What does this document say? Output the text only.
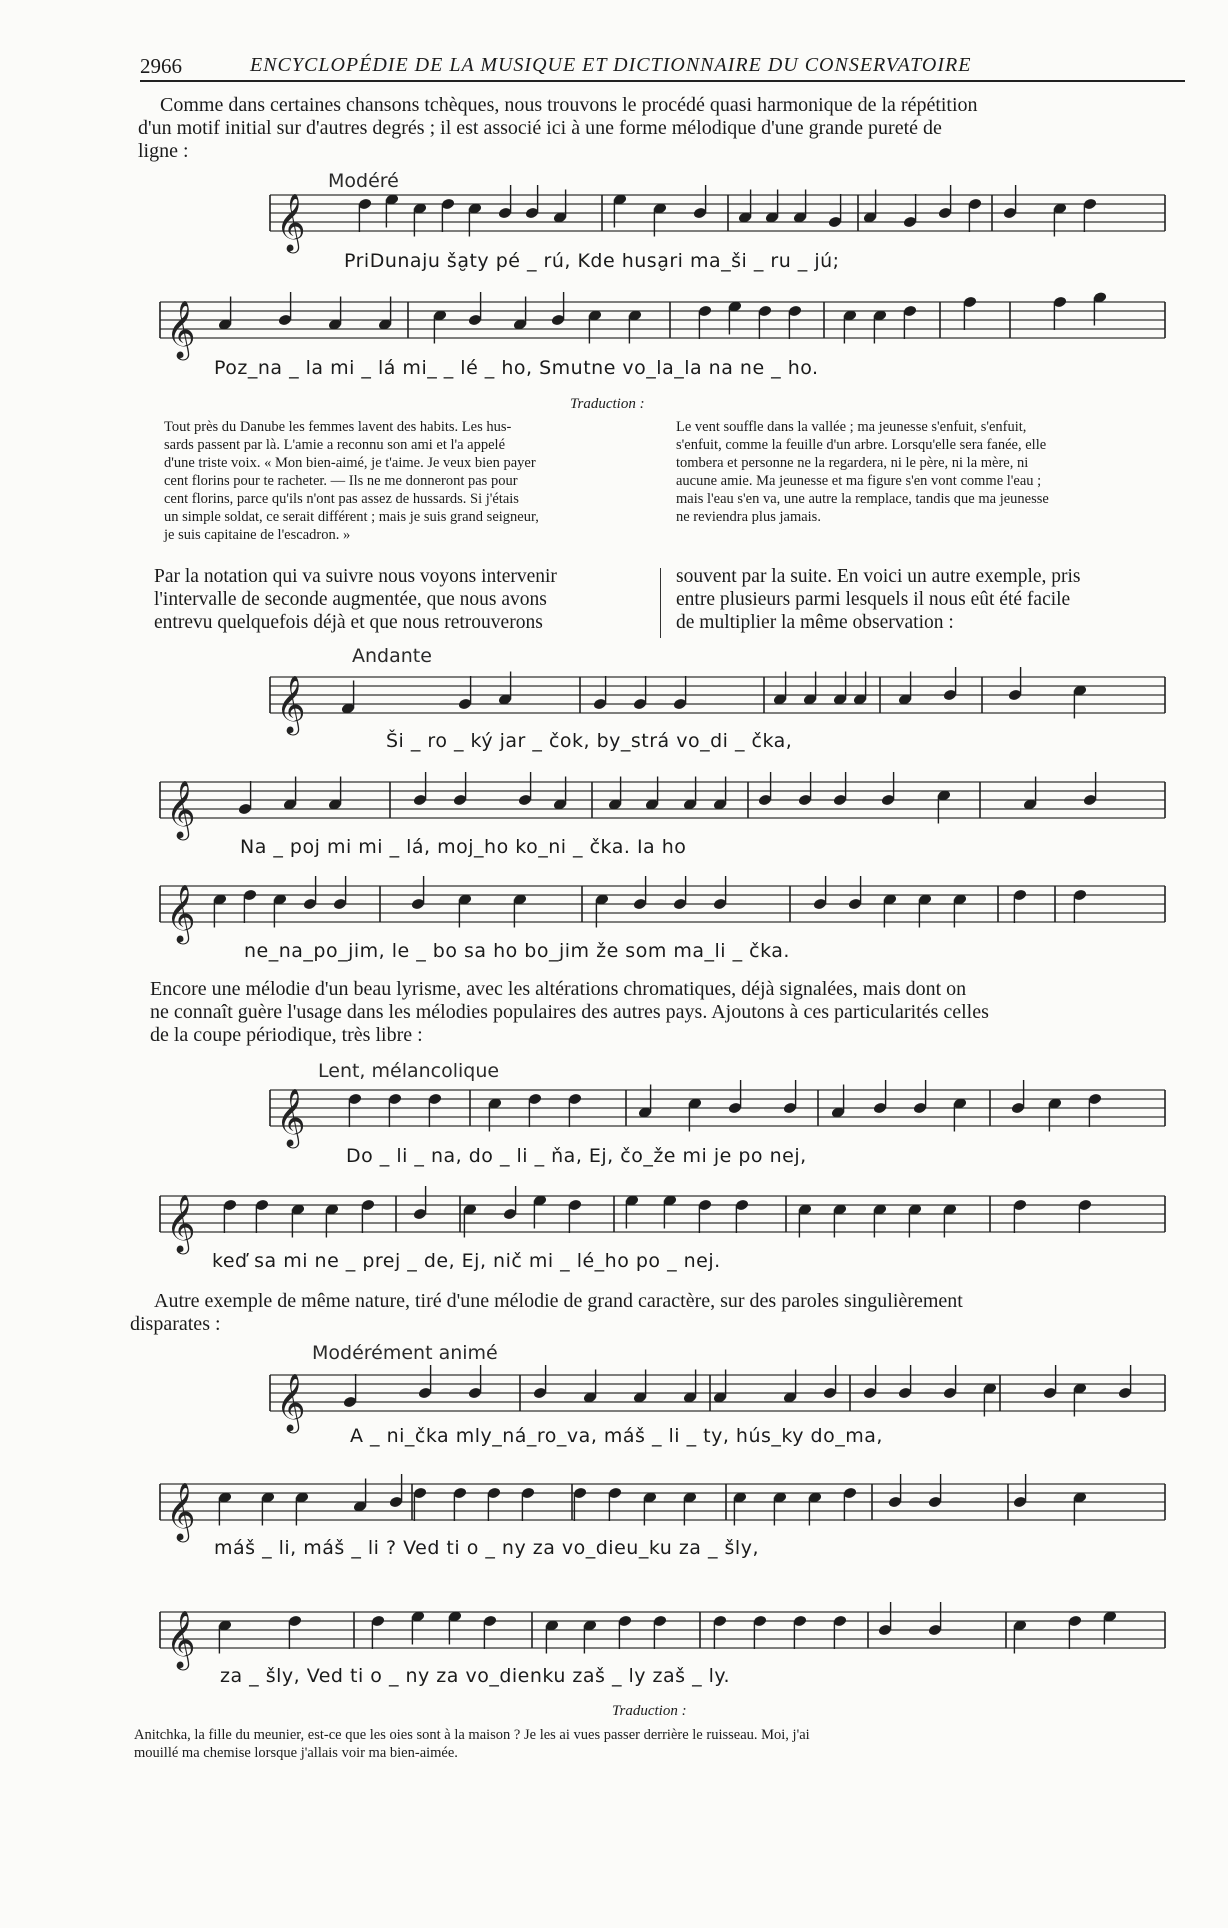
2966	ENCYCLOPÉDIE DE LA MUSIQUE ET DICTIONNAIRE DU CONSERVATOIRE

Comme dans certaines chansons tchèques, nous trouvons le procédé quasi harmonique de la répétition
d'un motif initial sur d'autres degrés ; il est associé ici à une forme mélodique d'une grande pureté de
ligne :

𝄞
𝄞
𝄞
𝄞
𝄞
𝄞
𝄞
𝄞
𝄞
𝄞
Modéré
PriDunaju ša̮ty pé _ rú, Kde husa̮ri ma_ši _ ru _ jú;
Poz_na _ la mi _ lá mi_ _ lé _ ho, Smutne vo_la_la na ne _ ho.
Traduction :

Tout près du Danube les femmes lavent des habits. Les hus-
sards passent par là. L'amie a reconnu son ami et l'a appelé
d'une triste voix. « Mon bien-aimé, je t'aime. Je veux bien payer
cent florins pour te racheter. — Ils ne me donneront pas pour
cent florins, parce qu'ils n'ont pas assez de hussards. Si j'étais
un simple soldat, ce serait différent ; mais je suis grand seigneur,
je suis capitaine de l'escadron. »

Le vent souffle dans la vallée ; ma jeunesse s'enfuit, s'enfuit,
s'enfuit, comme la feuille d'un arbre. Lorsqu'elle sera fanée, elle
tombera et personne ne la regardera, ni le père, ni la mère, ni
aucune amie. Ma jeunesse et ma figure s'en vont comme l'eau ;
mais l'eau s'en va, une autre la remplace, tandis que ma jeunesse
ne reviendra plus jamais.

Par la notation qui va suivre nous voyons intervenir
l'intervalle de seconde augmentée, que nous avons
entrevu quelquefois déjà et que nous retrouverons

souvent par la suite. En voici un autre exemple, pris
entre plusieurs parmi lesquels il nous eût été facile
de multiplier la même observation :

Andante
Ši _ ro _ ký jar _ čok, by_strá vo_di _ čka,
Na _ poj mi mi _ lá, moj_ho ko_ni _ čka. Ia ho
ne_na_po_jim, le _ bo sa ho bo_jim že som ma_li _ čka.

Encore une mélodie d'un beau lyrisme, avec les altérations chromatiques, déjà signalées, mais dont on
ne connaît guère l'usage dans les mélodies populaires des autres pays. Ajoutons à ces particularités celles
de la coupe périodique, très libre :

Lent, mélancolique
Do _ li _ na, do _ li _ ňa, Ej, čo_že mi je po nej,
keď sa mi ne _ prej _ de, Ej, nič mi _ lé_ho po _ nej.

Autre exemple de même nature, tiré d'une mélodie de grand caractère, sur des paroles singulièrement
disparates :

Modérément animé
A _ ni_čka mly_ná_ro_va, máš _ li _ ty, hús_ky do_ma,
máš _ li, máš _ li ? Ved ti o _ ny za vo_dieu_ku za _ šly,
za _ šly, Ved ti o _ ny za vo_dienku zaš _ ly zaš _ ly.
Traduction :

Anitchka, la fille du meunier, est-ce que les oies sont à la maison ? Je les ai vues passer derrière le ruisseau. Moi, j'ai
mouillé ma chemise lorsque j'allais voir ma bien-aimée.
